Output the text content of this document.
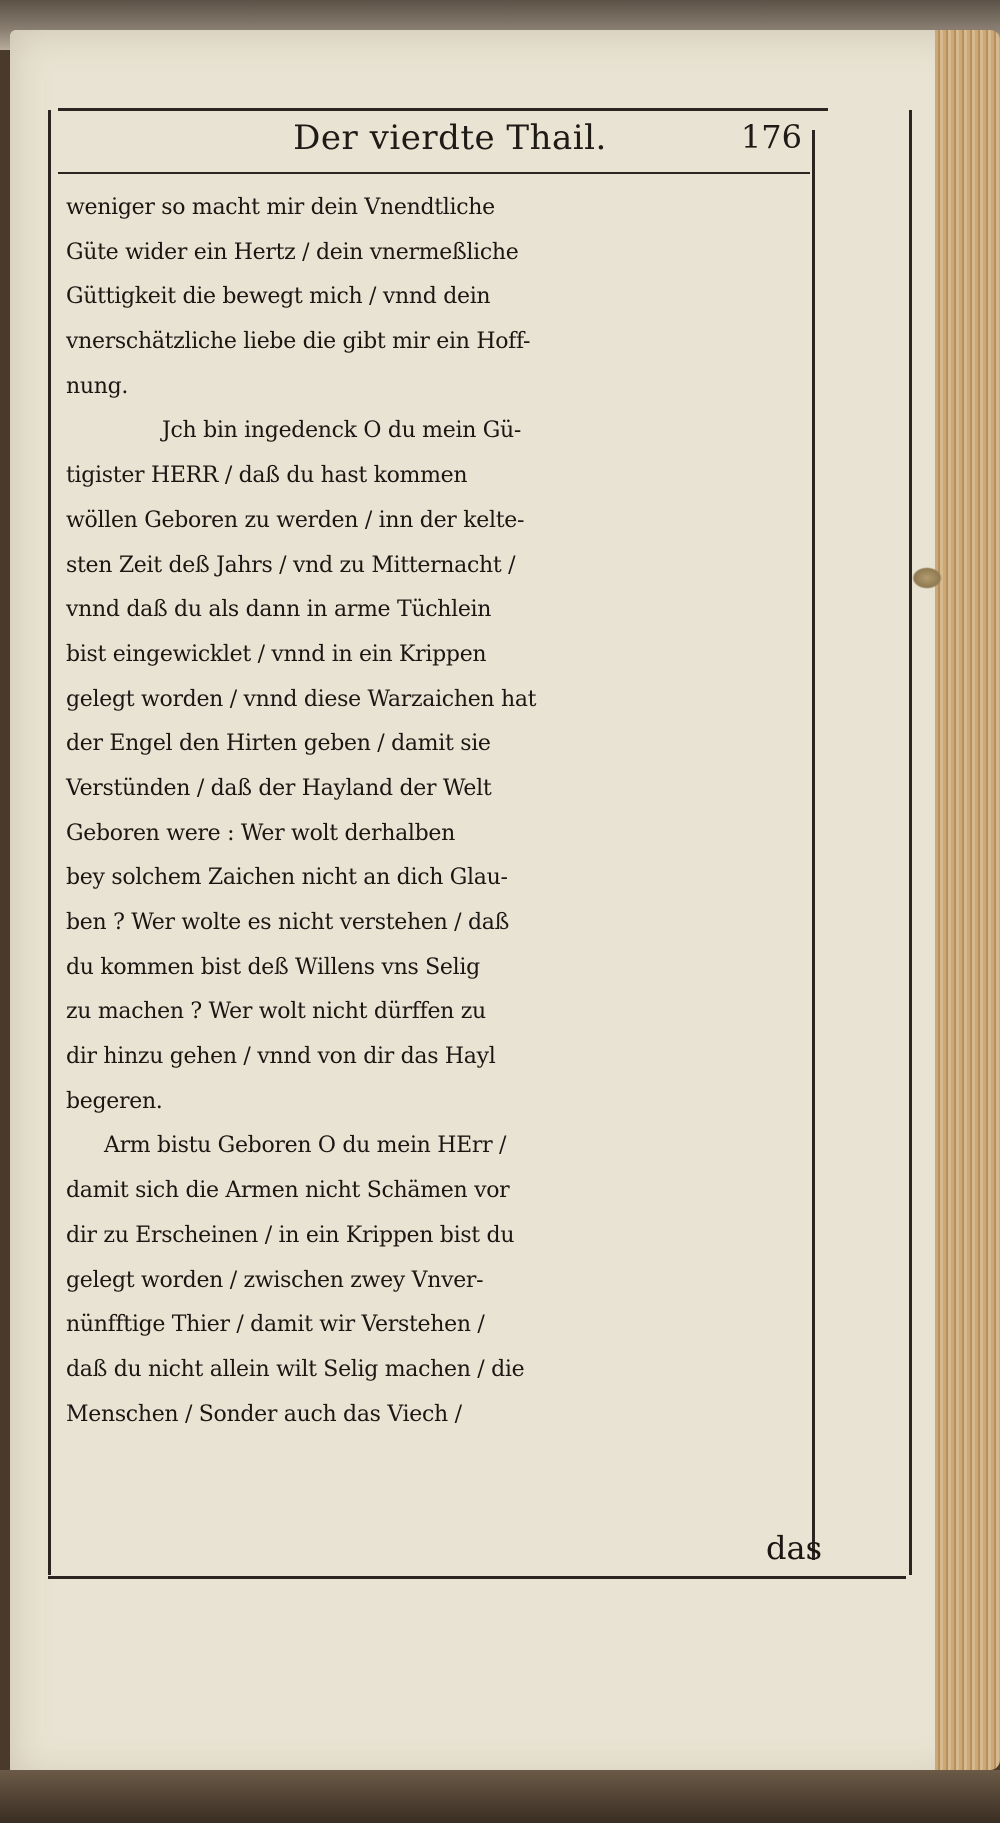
Der vierdte Thail.	176
weniger so macht mir dein Vnendtliche
Güte wider ein Hertz / dein vnermeßliche
Güttigkeit die bewegt mich / vnnd dein
vnerschätzliche liebe die gibt mir ein Hoff-
nung.
Jch bin ingedenck O du mein Gü-
tigister HERR / daß du hast kommen
wöllen Geboren zu werden / inn der kelte-
sten Zeit deß Jahrs / vnd zu Mitternacht /
vnnd daß du als dann in arme Tüchlein
bist eingewicklet / vnnd in ein Krippen
gelegt worden / vnnd diese Warzaichen hat
der Engel den Hirten geben / damit sie
Verstünden / daß der Hayland der Welt
Geboren were : Wer wolt derhalben
bey solchem Zaichen nicht an dich Glau-
ben ? Wer wolte es nicht verstehen / daß
du kommen bist deß Willens vns Selig
zu machen ? Wer wolt nicht dürffen zu
dir hinzu gehen / vnnd von dir das Hayl
begeren.
Arm bistu Geboren O du mein HErr /
damit sich die Armen nicht Schämen vor
dir zu Erscheinen / in ein Krippen bist du
gelegt worden / zwischen zwey Vnver-
nünfftige Thier / damit wir Verstehen /
daß du nicht allein wilt Selig machen / die
Menschen / Sonder auch das Viech /
das
